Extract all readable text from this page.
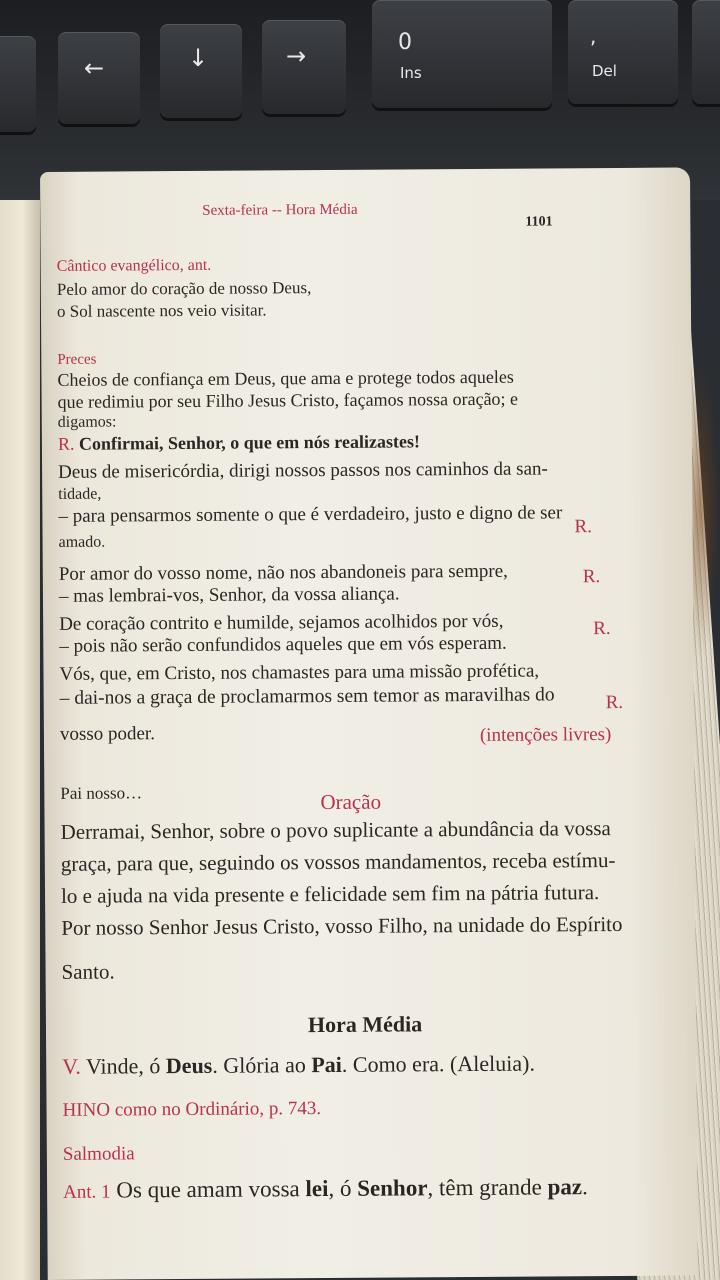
←	↓	→	0
Ins
,
Del
Sexta-feira -- Hora Média
1101
Cântico evangélico, ant.
Pelo amor do coração de nosso Deus,
o Sol nascente nos veio visitar.
Preces
Cheios de confiança em Deus, que ama e protege todos aqueles
que redimiu por seu Filho Jesus Cristo, façamos nossa oração; e
digamos:
R. Confirmai, Senhor, o que em nós realizastes!
Deus de misericórdia, dirigi nossos passos nos caminhos da san-
tidade,
– para pensarmos somente o que é verdadeiro, justo e digno de ser R.
amado.
Por amor do vosso nome, não nos abandoneis para sempre,
– mas lembrai-vos, Senhor, da vossa aliança.
R.
De coração contrito e humilde, sejamos acolhidos por vós,
– pois não serão confundidos aqueles que em vós esperam.
R.
Vós, que, em Cristo, nos chamastes para uma missão profética,
– dai-nos a graça de proclamarmos sem temor as maravilhas do	R.
vosso poder.	(intenções livres)
Pai nosso…	Oração
Derramai, Senhor, sobre o povo suplicante a abundância da vossa
graça, para que, seguindo os vossos mandamentos, receba estímu-
lo e ajuda na vida presente e felicidade sem fim na pátria futura.
Por nosso Senhor Jesus Cristo, vosso Filho, na unidade do Espírito
Santo.
Hora Média
V. Vinde, ó Deus. Glória ao Pai. Como era. (Aleluia).
HINO como no Ordinário, p. 743.
Salmodia
Ant. 1 Os que amam vossa lei, ó Senhor, têm grande paz.
